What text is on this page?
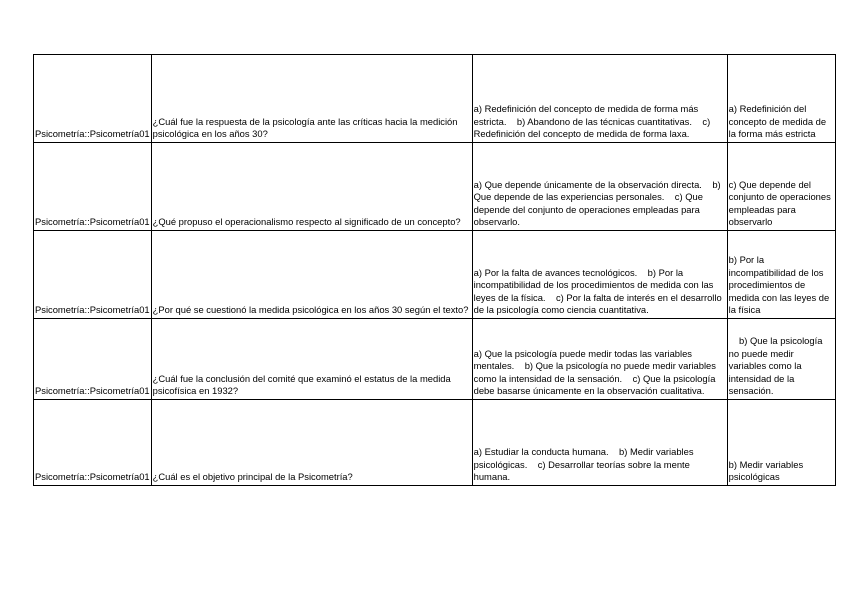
Psicometría::Psicometría01	¿Cuál fue la respuesta de la psicología ante las críticas hacia la medición psicológica en los años 30?	a) Redefinición del concepto de medida de forma más estricta.    b) Abandono de las técnicas cuantitativas.    c) Redefinición del concepto de medida de forma laxa.	a) Redefinición del concepto de medida de la forma más estricta
Psicometría::Psicometría01	¿Qué propuso el operacionalismo respecto al significado de un concepto?	a) Que depende únicamente de la observación directa.    b) Que depende de las experiencias personales.    c) Que depende del conjunto de operaciones empleadas para observarlo.	c) Que depende del conjunto de operaciones empleadas para observarlo
Psicometría::Psicometría01	¿Por qué se cuestionó la medida psicológica en los años 30 según el texto?	a) Por la falta de avances tecnológicos.    b) Por la incompatibilidad de los procedimientos de medida con las leyes de la física.    c) Por la falta de interés en el desarrollo de la psicología como ciencia cuantitativa.	b) Por la incompatibilidad de los procedimientos de medida con las leyes de la física
Psicometría::Psicometría01	¿Cuál fue la conclusión del comité que examinó el estatus de la medida psicofísica en 1932?	a) Que la psicología puede medir todas las variables mentales.    b) Que la psicología no puede medir variables como la intensidad de la sensación.    c) Que la psicología debe basarse únicamente en la observación cualitativa.	b) Que la psicología no puede medir variables como la intensidad de la sensación.
Psicometría::Psicometría01	¿Cuál es el objetivo principal de la Psicometría?	a) Estudiar la conducta humana.    b) Medir variables psicológicas.    c) Desarrollar teorías sobre la mente humana.	b) Medir variables psicológicas
